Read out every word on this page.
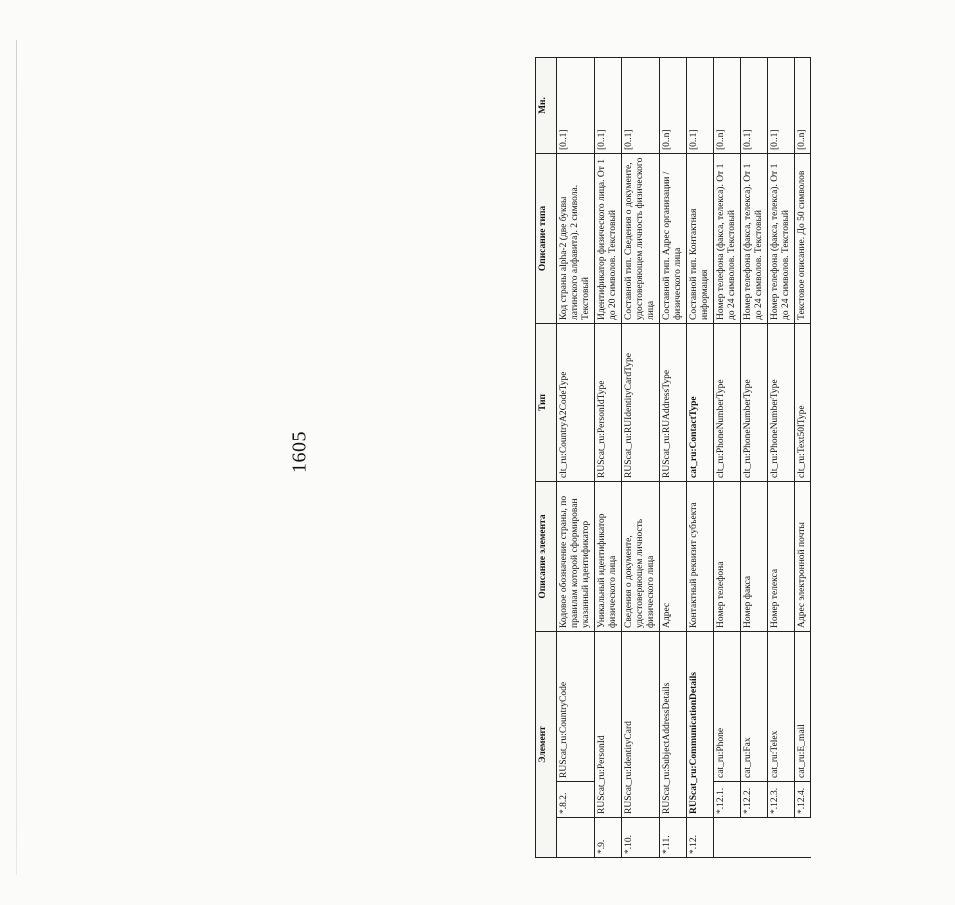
1605
Элемент			Описание элемента	Тип	Описание типа	Мн.
	*.8.2.	RUScat_ru:CountryCode	Кодовое обозначение страны, по правилам которой сформирован указанный идентификатор	clt_ru:CountryA2CodeType	Код страны alpha-2 (две буквы латинского алфавита). 2 символа. Текстовый	[0..1]
*.9.	RUScat_ru:PersonId		Уникальный идентификатор физического лица	RUScat_ru:PersonIdType	Идентификатор физического лица. От 1 до 20 символов. Текстовый	[0..1]
*.10.	RUScat_ru:IdentityCard		Сведения о документе, удостоверяющем личность физического лица	RUScat_ru:RUIdentityCardType	Составной тип. Сведения о документе, удостоверяющем личность физического лица	[0..1]
*.11.	RUScat_ru:SubjectAddressDetails		Адрес	RUScat_ru:RUAddressType	Составной тип. Адрес организации / физического лица	[0..n]
*.12.	RUScat_ru:CommunicationDetails		Контактный реквизит субъекта	cat_ru:ContactType	Составной тип. Контактная информация	[0..1]
	*.12.1.	cat_ru:Phone	Номер телефона	clt_ru:PhoneNumberType	Номер телефона (факса, телекса). От 1 до 24 символов. Текстовый	[0..n]
	*.12.2.	cat_ru:Fax	Номер факса	clt_ru:PhoneNumberType	Номер телефона (факса, телекса). От 1 до 24 символов. Текстовый	[0..1]
	*.12.3.	cat_ru:Telex	Номер телекса	clt_ru:PhoneNumberType	Номер телефона (факса, телекса). От 1 до 24 символов. Текстовый	[0..1]
	*.12.4.	cat_ru:E_mail	Адрес электронной почты	clt_ru:Text50lType	Текстовое описание. До 50 символов	[0..n]
